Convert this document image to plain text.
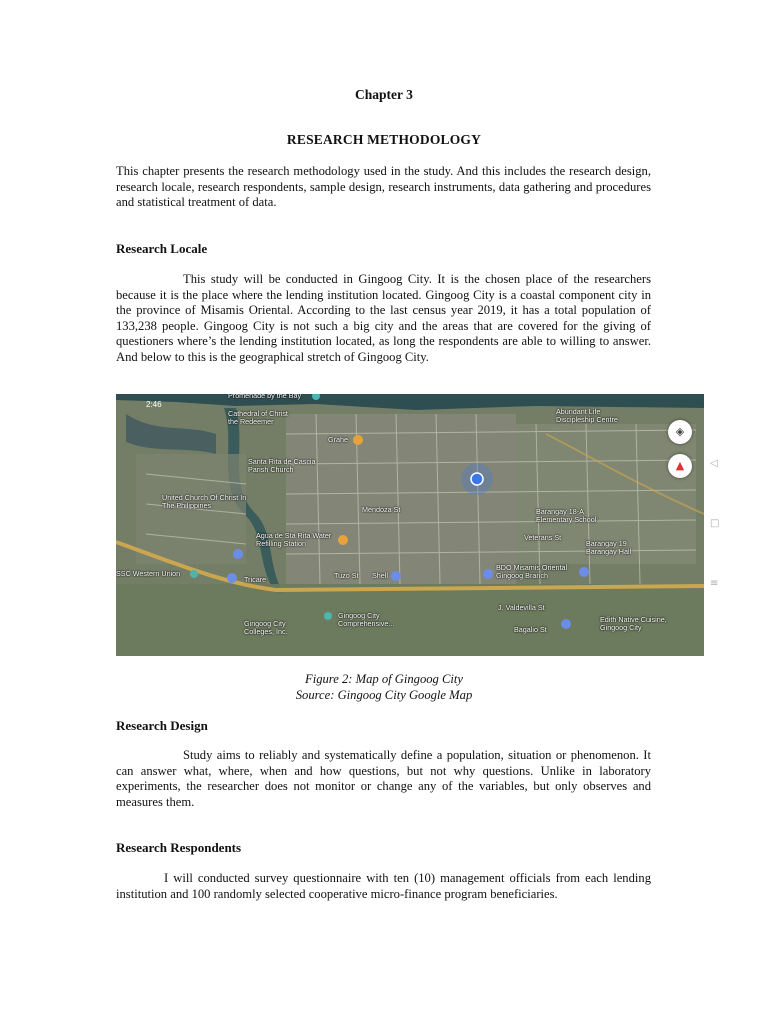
Chapter 3
RESEARCH METHODOLOGY
This chapter presents the research methodology used in the study. And this includes the research design, research locale, research respondents, sample design, research instruments, data gathering and procedures and statistical treatment of data.
Research Locale
This study will be conducted in Gingoog City. It is the chosen place of the researchers because it is the place where the lending institution located. Gingoog City is a coastal component city in the province of Misamis Oriental. According to the last census year 2019, it has a total population of 133,238 people. Gingoog City is not such a big city and the areas that are covered for the giving of questioners where’s the lending institution located, as long the respondents are able to willing to answer. And below to this is the geographical stretch of Gingoog City.
2:46
Promenade by the Bay
Cathedral of Christ the Redeemer
Abundant Life Discipleship Centre
Grahe
Santa Rita de Cascia Parish Church
United Church Of Christ In The Philippines
Barangay 18-A Elementary School
Veterans St
Barangay 19 Barangay Hall
Agua de Sta Rita Water Refilling Station
SSC Western Union
Tricare	Shell
BDO Misamis Oriental Gingoog Branch
Gingoog City Colleges, Inc.
Gingoog City Comprehensive...	Edith Native Cuisine, Gingoog City
Mendoza St
Tuzo St
J. Valdevilla St
Bagalio St
◈
▲	◁
□
≡
Figure 2: Map of Gingoog City
Source: Gingoog City Google Map
Research Design
Study aims to reliably and systematically define a population, situation or phenomenon. It can answer what, where, when and how questions, but not why questions. Unlike in laboratory experiments, the researcher does not monitor or change any of the variables, but only observes and measures them.
Research Respondents
I will conducted survey questionnaire with ten (10) management officials from each lending institution and 100 randomly selected cooperative micro-finance program beneficiaries.
